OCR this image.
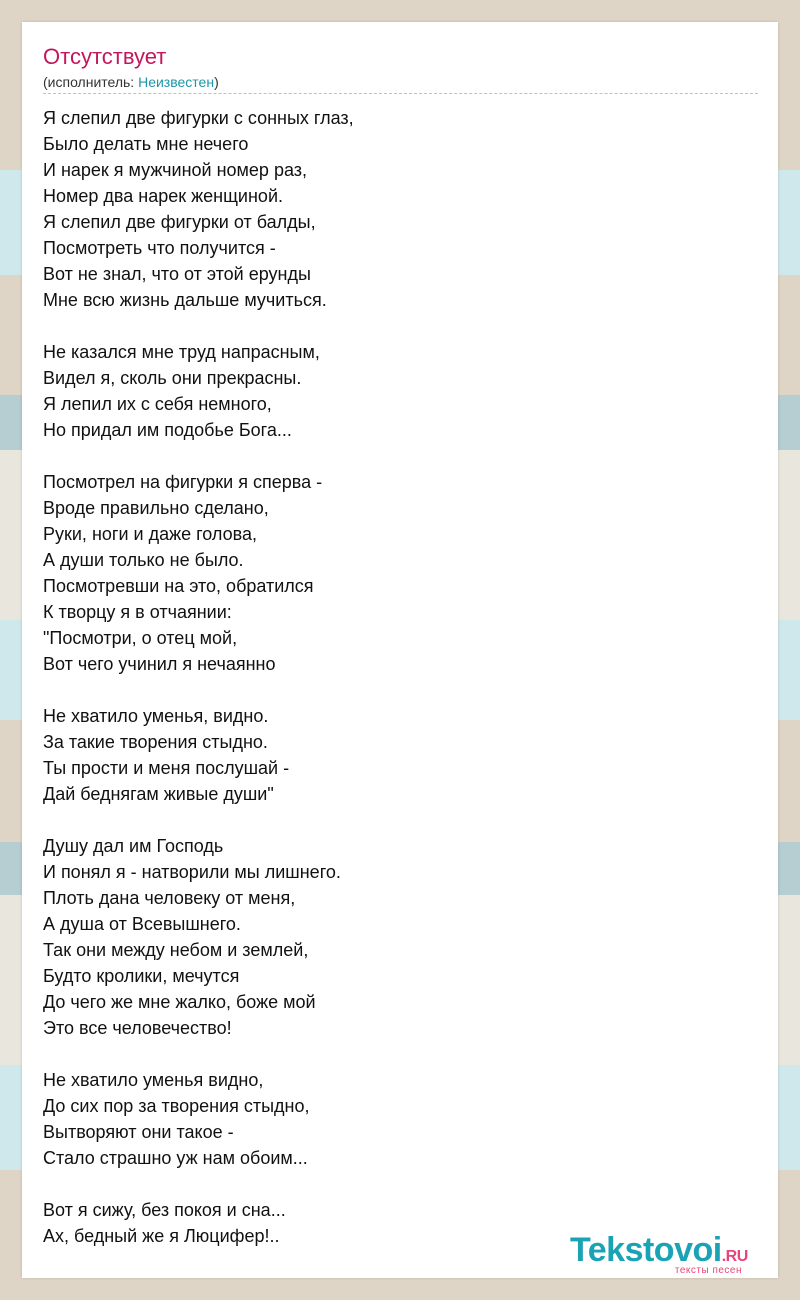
Отсутствует
(исполнитель: Неизвестен)
Я слепил две фигурки с сонных глаз,
Было делать мне нечего
И нарек я мужчиной номер раз,
Номер два нарек женщиной.
Я слепил две фигурки от балды,
Посмотреть что получится -
Вот не знал, что от этой ерунды
Мне всю жизнь дальше мучиться.
Не казался мне труд напрасным,
Видел я, сколь они прекрасны.
Я лепил их с себя немного,
Но придал им подобье Бога...
Посмотрел на фигурки я сперва -
Вроде правильно сделано,
Руки, ноги и даже голова,
А души только не было.
Посмотревши на это, обратился
К творцу я в отчаянии:
"Посмотри, о отец мой,
Вот чего учинил я нечаянно
Не хватило уменья, видно.
За такие творения стыдно.
Ты прости и меня послушай -
Дай беднягам живые души"
Душу дал им Господь
И понял я - натворили мы лишнего.
Плоть дана человеку от меня,
А душа от Всевышнего.
Так они между небом и землей,
Будто кролики, мечутся
До чего же мне жалко, боже мой
Это все человечество!
Не хватило уменья видно,
До сих пор за творения стыдно,
Вытворяют они такое -
Стало страшно уж нам обоим...
Вот я сижу, без покоя и сна...
Ах, бедный же я Люцифер!..	Tekstovoi.RU
тексты песен
